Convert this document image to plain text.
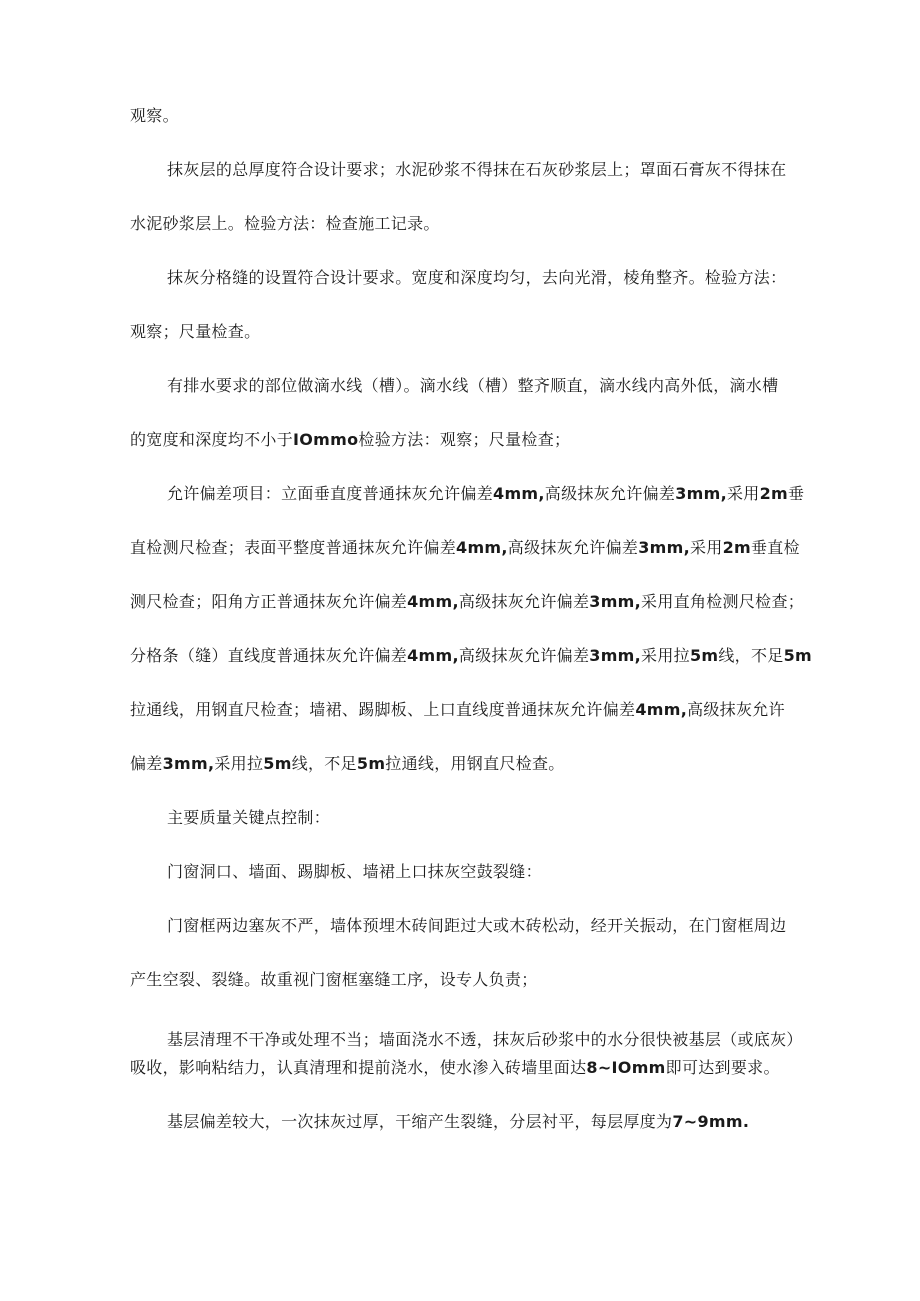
观察。
抹灰层的总厚度符合设计要求；水泥砂浆不得抹在石灰砂浆层上；罩面石膏灰不得抹在
水泥砂浆层上。检验方法：检查施工记录。
抹灰分格缝的设置符合设计要求。宽度和深度均匀，去向光滑，棱角整齐。检验方法：
观察；尺量检查。
有排水要求的部位做滴水线（槽）。滴水线（槽）整齐顺直，滴水线内高外低，滴水槽
的宽度和深度均不小于IOmmo检验方法：观察；尺量检查；
允许偏差项目：立面垂直度普通抹灰允许偏差4mm,高级抹灰允许偏差3mm,采用2m垂
直检测尺检查；表面平整度普通抹灰允许偏差4mm,高级抹灰允许偏差3mm,采用2m垂直检
测尺检查；阳角方正普通抹灰允许偏差4mm,高级抹灰允许偏差3mm,采用直角检测尺检查；
分格条（缝）直线度普通抹灰允许偏差4mm,高级抹灰允许偏差3mm,采用拉5m线，不足5m
拉通线，用钢直尺检查；墙裙、踢脚板、上口直线度普通抹灰允许偏差4mm,高级抹灰允许
偏差3mm,采用拉5m线，不足5m拉通线，用钢直尺检查。
主要质量关键点控制：
门窗洞口、墙面、踢脚板、墙裙上口抹灰空鼓裂缝：
门窗框两边塞灰不严，墙体预埋木砖间距过大或木砖松动，经开关振动，在门窗框周边
产生空裂、裂缝。故重视门窗框塞缝工序，设专人负责；
基层清理不干净或处理不当；墙面浇水不透，抹灰后砂浆中的水分很快被基层（或底灰）
吸收，影响粘结力，认真清理和提前浇水，使水渗入砖墙里面达8~IOmm即可达到要求。
基层偏差较大，一次抹灰过厚，干缩产生裂缝，分层衬平，每层厚度为7~9mm.
